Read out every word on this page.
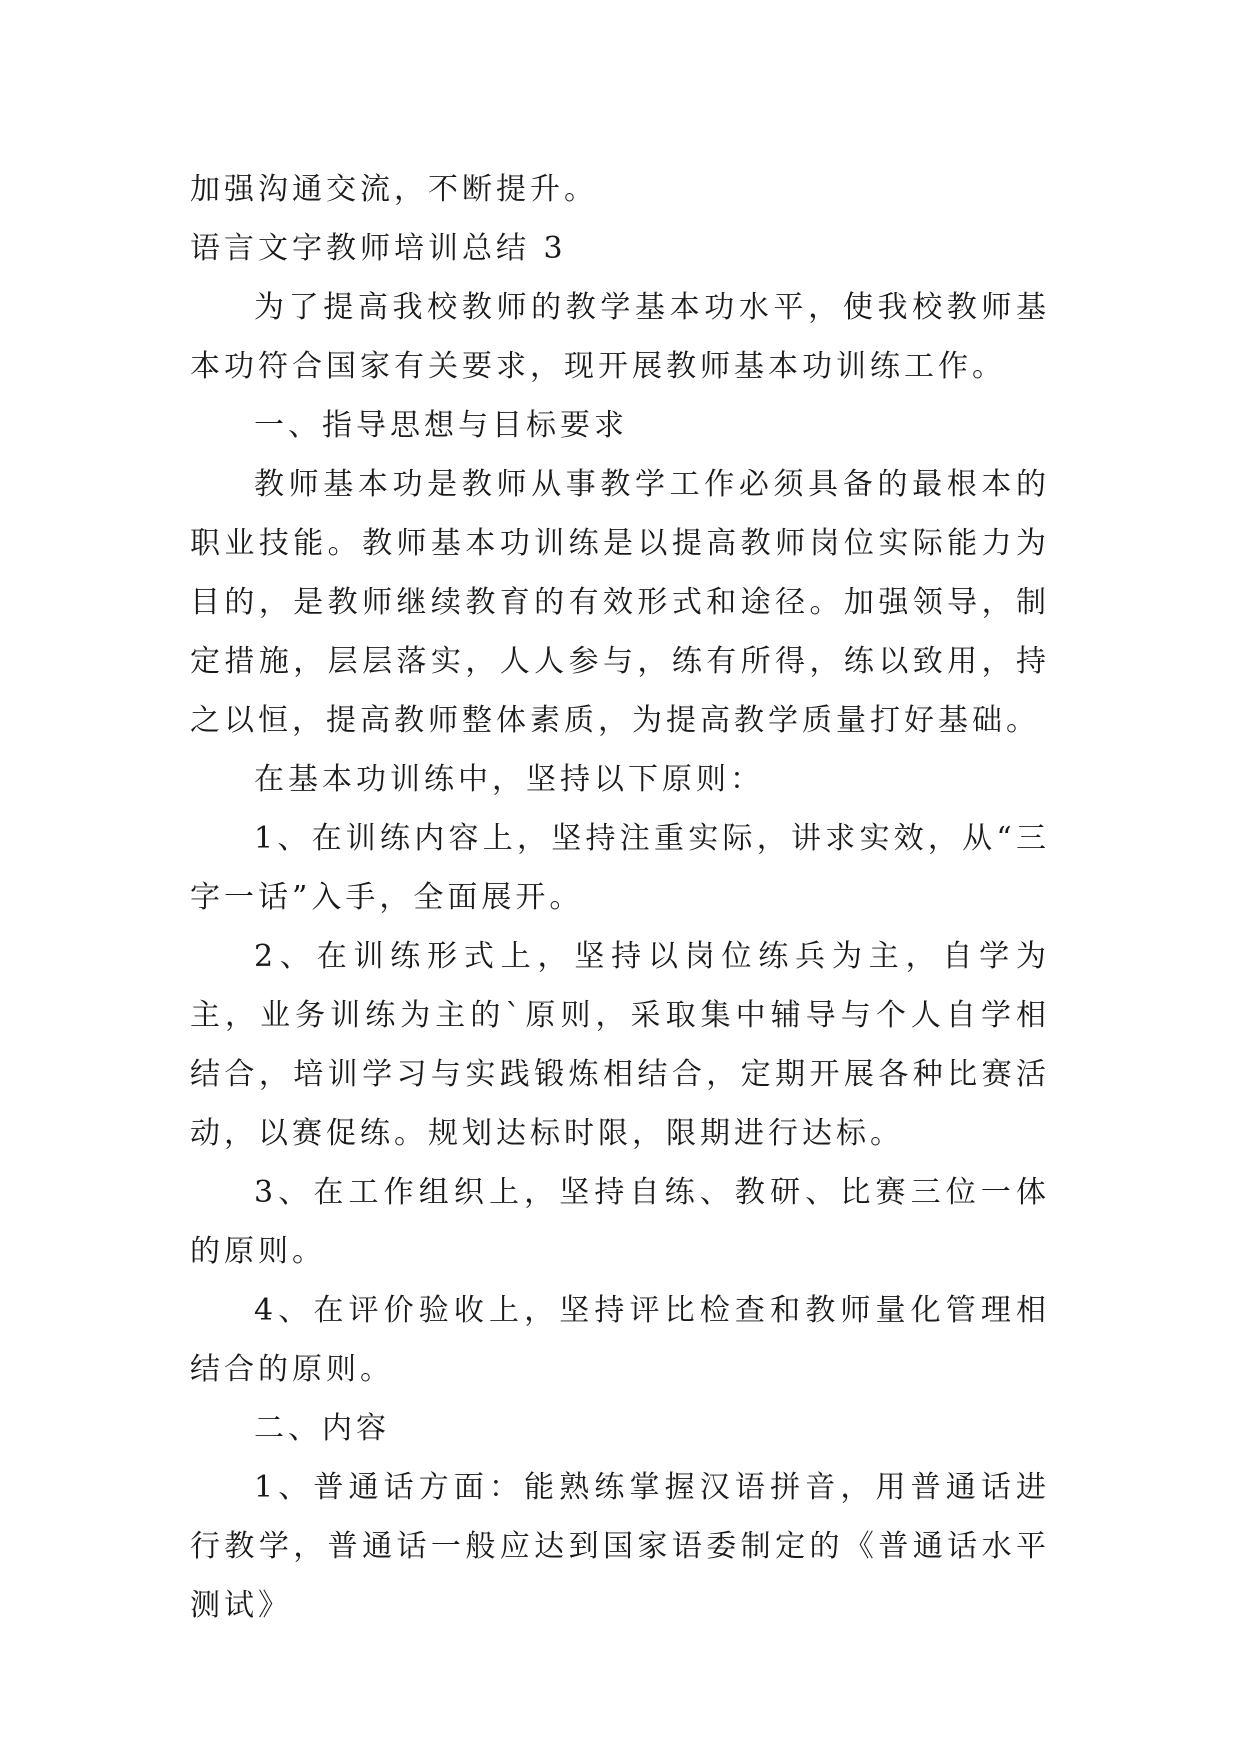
加强沟通交流，不断提升。

语言文字教师培训总结 3

为了提高我校教师的教学基本功水平，使我校教师基本功符合国家有关要求，现开展教师基本功训练工作。

一、指导思想与目标要求

教师基本功是教师从事教学工作必须具备的最根本的职业技能。教师基本功训练是以提高教师岗位实际能力为目的，是教师继续教育的有效形式和途径。加强领导，制定措施，层层落实，人人参与，练有所得，练以致用，持之以恒，提高教师整体素质，为提高教学质量打好基础。

在基本功训练中，坚持以下原则：

1、在训练内容上，坚持注重实际，讲求实效，从“三字一话”入手，全面展开。

2、在训练形式上，坚持以岗位练兵为主，自学为主，业务训练为主的`原则，采取集中辅导与个人自学相结合，培训学习与实践锻炼相结合，定期开展各种比赛活动，以赛促练。规划达标时限，限期进行达标。

3、在工作组织上，坚持自练、教研、比赛三位一体的原则。

4、在评价验收上，坚持评比检查和教师量化管理相结合的原则。

二、内容

1、普通话方面：能熟练掌握汉语拼音，用普通话进行教学，普通话一般应达到国家语委制定的《普通话水平测试》
